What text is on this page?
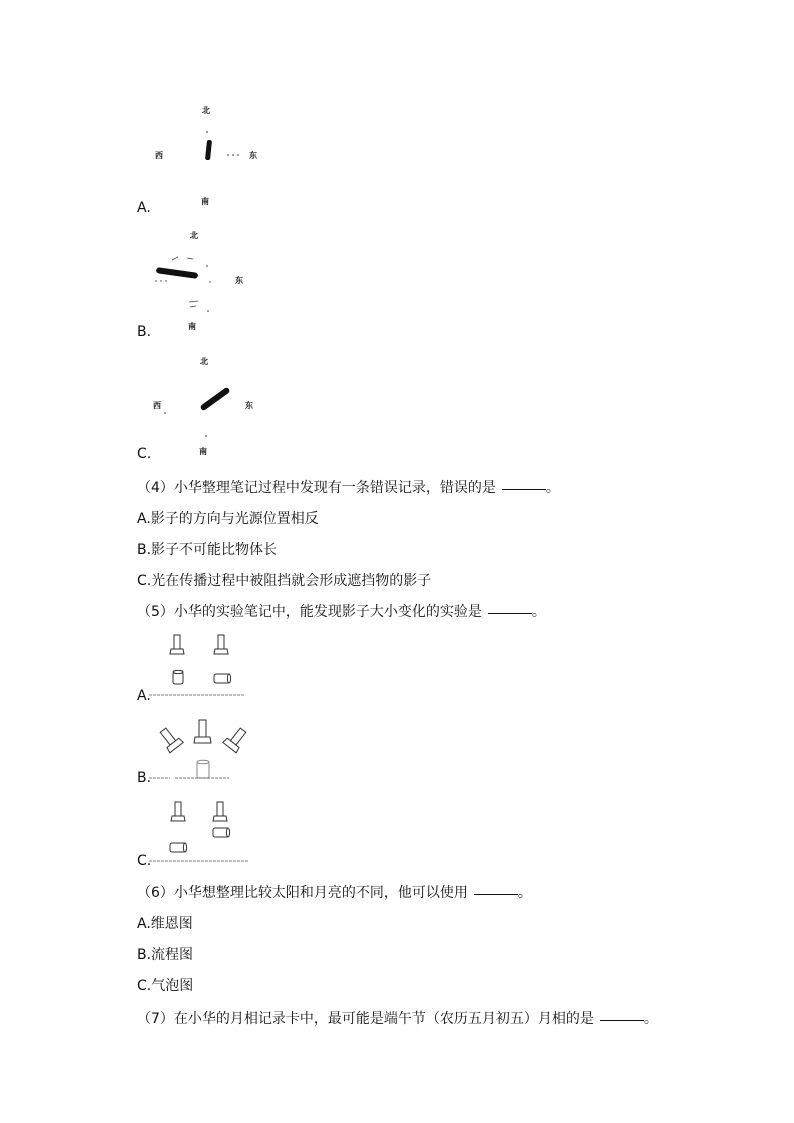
北
西	东
南
A.
北
东
南
B.
北
西	东
南
C.
（4）小华整理笔记过程中发现有一条错误记录，错误的是	。
A.影子的方向与光源位置相反
B.影子不可能比物体长
C.光在传播过程中被阻挡就会形成遮挡物的影子
（5）小华的实验笔记中，能发现影子大小变化的实验是	。
A.
B.
C.
（6）小华想整理比较太阳和月亮的不同，他可以使用	。
A.维恩图
B.流程图
C.气泡图
（7）在小华的月相记录卡中，最可能是端午节（农历五月初五）月相的是	。
